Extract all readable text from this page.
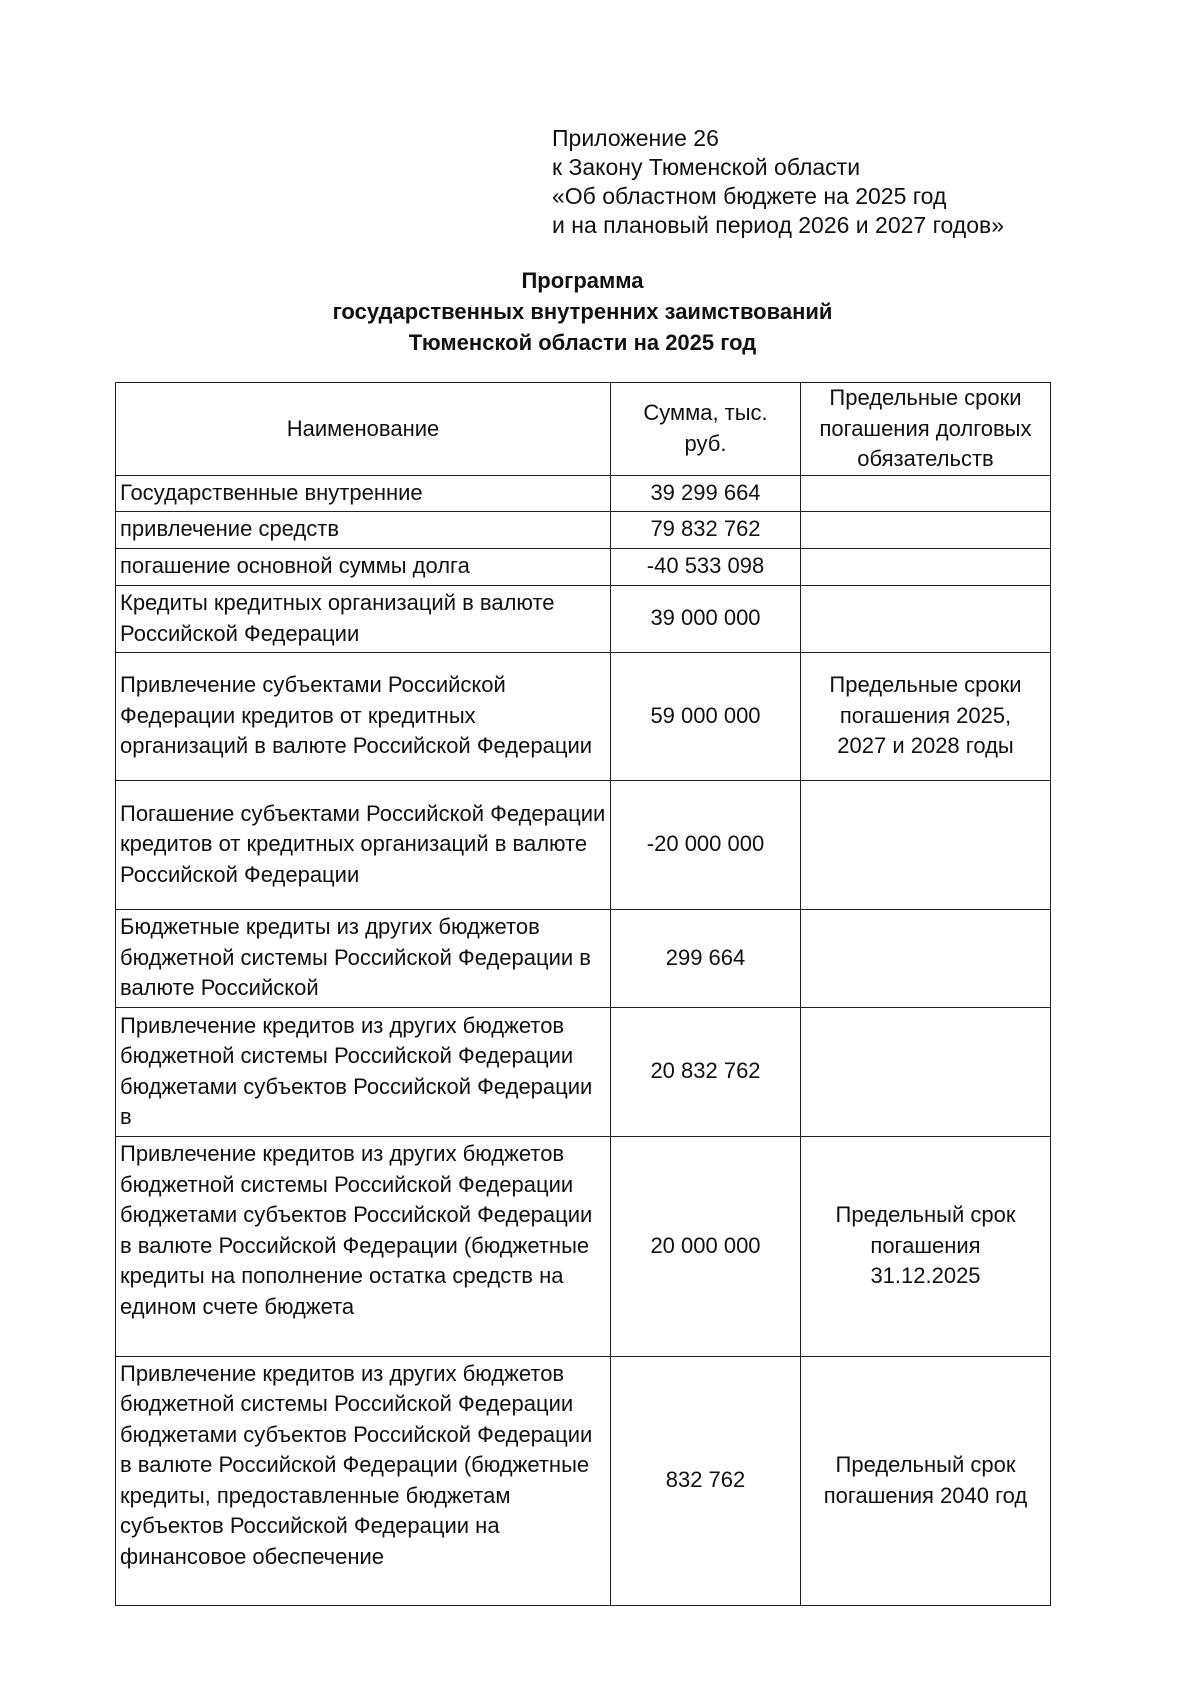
Приложение 26
к Закону Тюменской области
«Об областном бюджете на 2025 год
и на плановый период 2026 и 2027 годов»
Программа
государственных внутренних заимствований
Тюменской области на 2025 год
Наименование	Сумма, тыс. руб.	Предельные сроки погашения долговых обязательств
Государственные внутренние	39 299 664	
привлечение средств	79 832 762	
погашение основной суммы долга	-40 533 098	
Кредиты кредитных организаций в валюте Российской Федерации	39 000 000	
Привлечение субъектами Российской Федерации кредитов от кредитных организаций в валюте Российской Федерации	59 000 000	Предельные сроки погашения 2025, 2027 и 2028 годы
Погашение субъектами Российской Федерации кредитов от кредитных организаций в валюте Российской Федерации	-20 000 000	

Бюджетные кредиты из других бюджетов бюджетной системы Российской Федерации в валюте Российской	299 664	

Привлечение кредитов из других бюджетов бюджетной системы Российской Федерации бюджетами субъектов Российской Федерации в	20 832 762	

Привлечение кредитов из других бюджетов бюджетной системы Российской Федерации бюджетами субъектов Российской Федерации в валюте Российской Федерации (бюджетные кредиты на пополнение остатка средств на едином счете бюджета	20 000 000	Предельный срок погашения 31.12.2025

Привлечение кредитов из других бюджетов бюджетной системы Российской Федерации бюджетами субъектов Российской Федерации в валюте Российской Федерации (бюджетные кредиты, предоставленные бюджетам субъектов Российской Федерации на финансовое обеспечение	832 762	Предельный срок погашения 2040 год
